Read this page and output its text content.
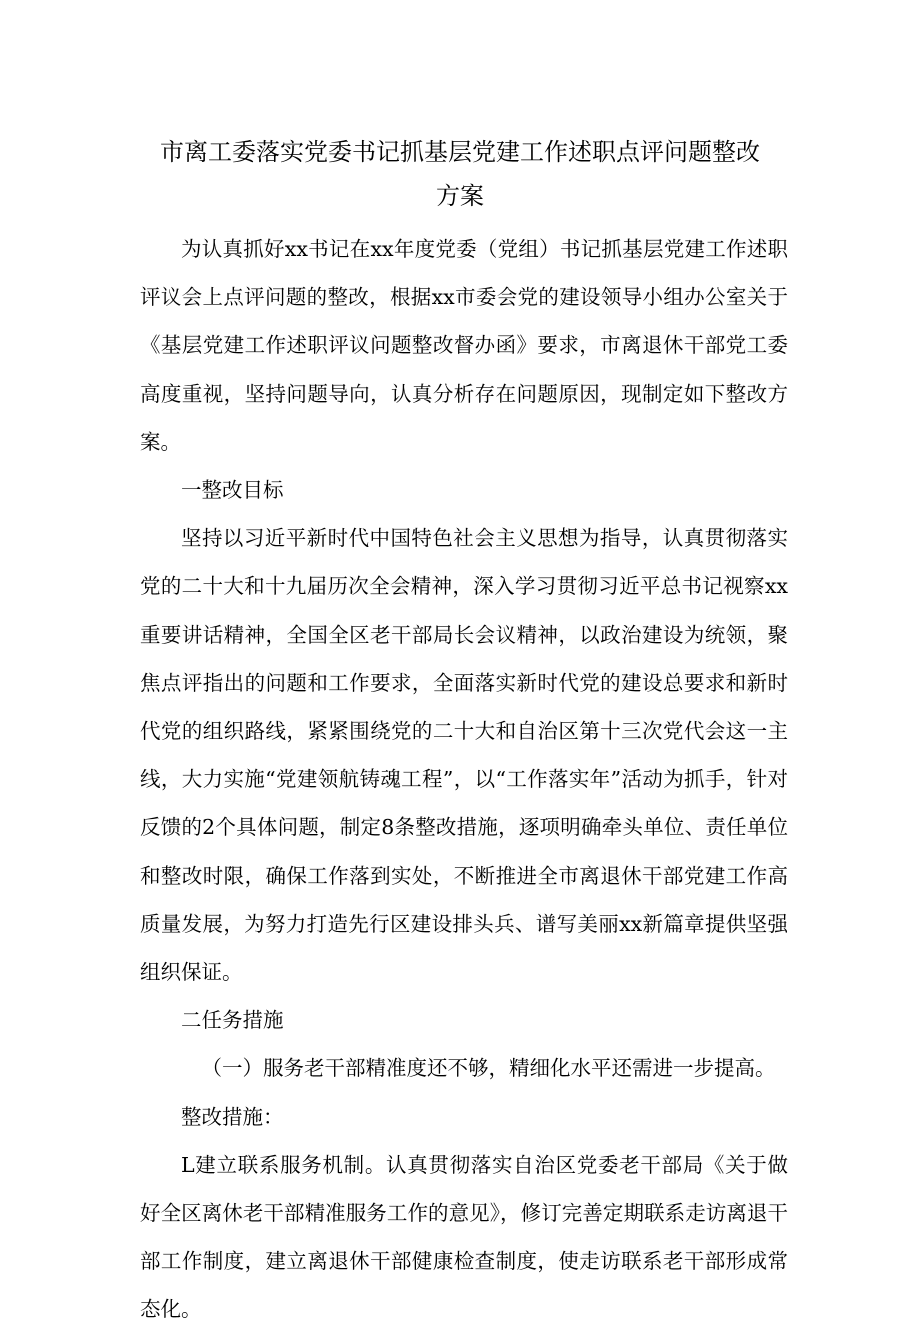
市离工委落实党委书记抓基层党建工作述职点评问题整改
方案

为认真抓好xx书记在xx年度党委（党组）书记抓基层党建工作述职评议会上点评问题的整改，根据xx市委会党的建设领导小组办公室关于《基层党建工作述职评议问题整改督办函》要求，市离退休干部党工委高度重视，坚持问题导向，认真分析存在问题原因，现制定如下整改方案。

一整改目标

坚持以习近平新时代中国特色社会主义思想为指导，认真贯彻落实党的二十大和十九届历次全会精神，深入学习贯彻习近平总书记视察xx重要讲话精神，全国全区老干部局长会议精神，以政治建设为统领，聚焦点评指出的问题和工作要求，全面落实新时代党的建设总要求和新时代党的组织路线，紧紧围绕党的二十大和自治区第十三次党代会这一主线，大力实施“党建领航铸魂工程”，以“工作落实年”活动为抓手，针对反馈的2个具体问题，制定8条整改措施，逐项明确牵头单位、责任单位和整改时限，确保工作落到实处，不断推进全市离退休干部党建工作高质量发展，为努力打造先行区建设排头兵、谱写美丽xx新篇章提供坚强组织保证。

二任务措施

（一）服务老干部精准度还不够，精细化水平还需进一步提高。

整改措施：

L建立联系服务机制。认真贯彻落实自治区党委老干部局《关于做好全区离休老干部精准服务工作的意见》，修订完善定期联系走访离退干部工作制度，建立离退休干部健康检查制度，使走访联系老干部形成常态化。
